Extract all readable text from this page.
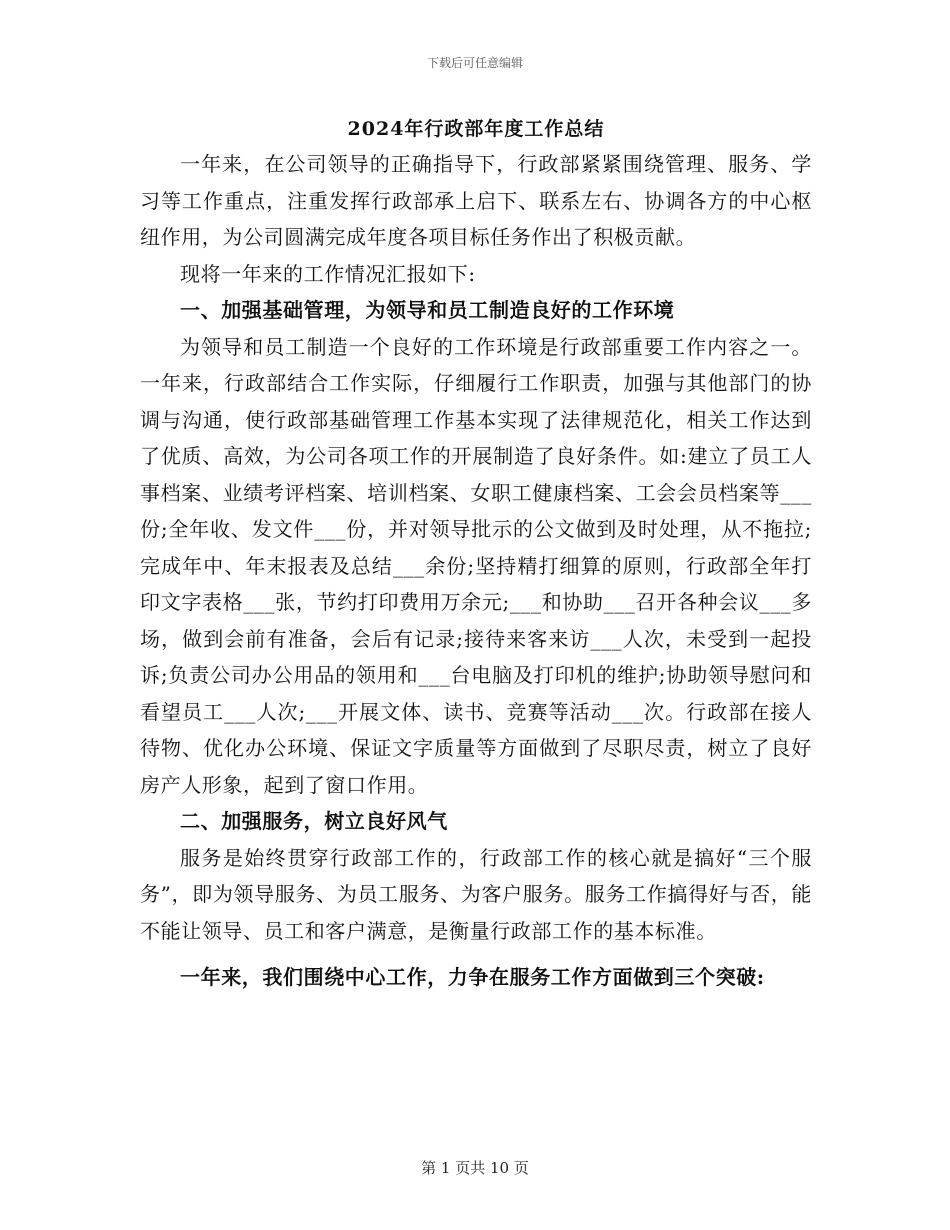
下载后可任意编辑
2024年行政部年度工作总结

一年来，在公司领导的正确指导下，行政部紧紧围绕管理、服务、学习等工作重点，注重发挥行政部承上启下、联系左右、协调各方的中心枢纽作用，为公司圆满完成年度各项目标任务作出了积极贡献。

现将一年来的工作情况汇报如下:

一、加强基础管理，为领导和员工制造良好的工作环境

为领导和员工制造一个良好的工作环境是行政部重要工作内容之一。一年来，行政部结合工作实际，仔细履行工作职责，加强与其他部门的协调与沟通，使行政部基础管理工作基本实现了法律规范化，相关工作达到了优质、高效，为公司各项工作的开展制造了良好条件。如:建立了员工人事档案、业绩考评档案、培训档案、女职工健康档案、工会会员档案等___份;全年收、发文件___份，并对领导批示的公文做到及时处理，从不拖拉;完成年中、年末报表及总结___余份;坚持精打细算的原则，行政部全年打印文字表格___张，节约打印费用万余元;___和协助___召开各种会议___多场，做到会前有准备，会后有记录;接待来客来访___人次，未受到一起投诉;负责公司办公用品的领用和___台电脑及打印机的维护;协助领导慰问和看望员工___人次;___开展文体、读书、竞赛等活动___次。行政部在接人待物、优化办公环境、保证文字质量等方面做到了尽职尽责，树立了良好房产人形象，起到了窗口作用。

二、加强服务，树立良好风气

服务是始终贯穿行政部工作的，行政部工作的核心就是搞好“三个服务”，即为领导服务、为员工服务、为客户服务。服务工作搞得好与否，能不能让领导、员工和客户满意，是衡量行政部工作的基本标准。

一年来，我们围绕中心工作，力争在服务工作方面做到三个突破:

第 1 页共 10 页
